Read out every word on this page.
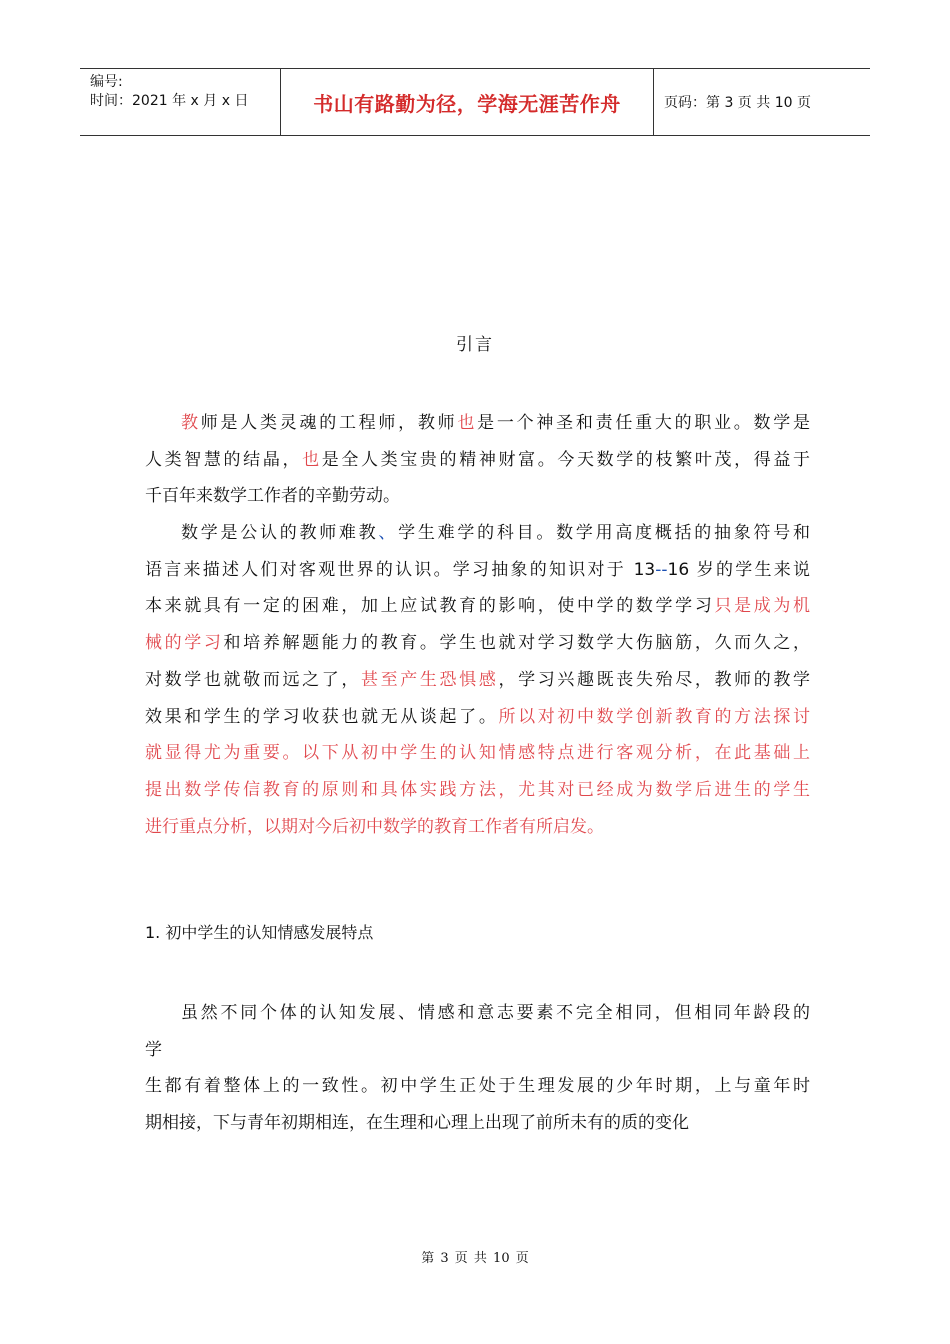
编号:
时间：2021 年 x 月 x 日	书山有路勤为径，学海无涯苦作舟	页码：第 3 页 共 10 页
引言
教师是人类灵魂的工程师，教师也是一个神圣和责任重大的职业。数学是
人类智慧的结晶，也是全人类宝贵的精神财富。今天数学的枝繁叶茂，得益于
千百年来数学工作者的辛勤劳动。
数学是公认的教师难教、学生难学的科目。数学用高度概括的抽象符号和
语言来描述人们对客观世界的认识。学习抽象的知识对于 13--16 岁的学生来说
本来就具有一定的困难，加上应试教育的影响，使中学的数学学习只是成为机
械的学习和培养解题能力的教育。学生也就对学习数学大伤脑筋，久而久之，
对数学也就敬而远之了，甚至产生恐惧感，学习兴趣既丧失殆尽，教师的教学
效果和学生的学习收获也就无从谈起了。所以对初中数学创新教育的方法探讨
就显得尤为重要。以下从初中学生的认知情感特点进行客观分析，在此基础上
提出数学传信教育的原则和具体实践方法，尤其对已经成为数学后进生的学生
进行重点分析，以期对今后初中数学的教育工作者有所启发。
1. 初中学生的认知情感发展特点
虽然不同个体的认知发展、情感和意志要素不完全相同，但相同年龄段的
学
生都有着整体上的一致性。初中学生正处于生理发展的少年时期，上与童年时
期相接，下与青年初期相连，在生理和心理上出现了前所未有的质的变化
第 3 页 共 10 页
